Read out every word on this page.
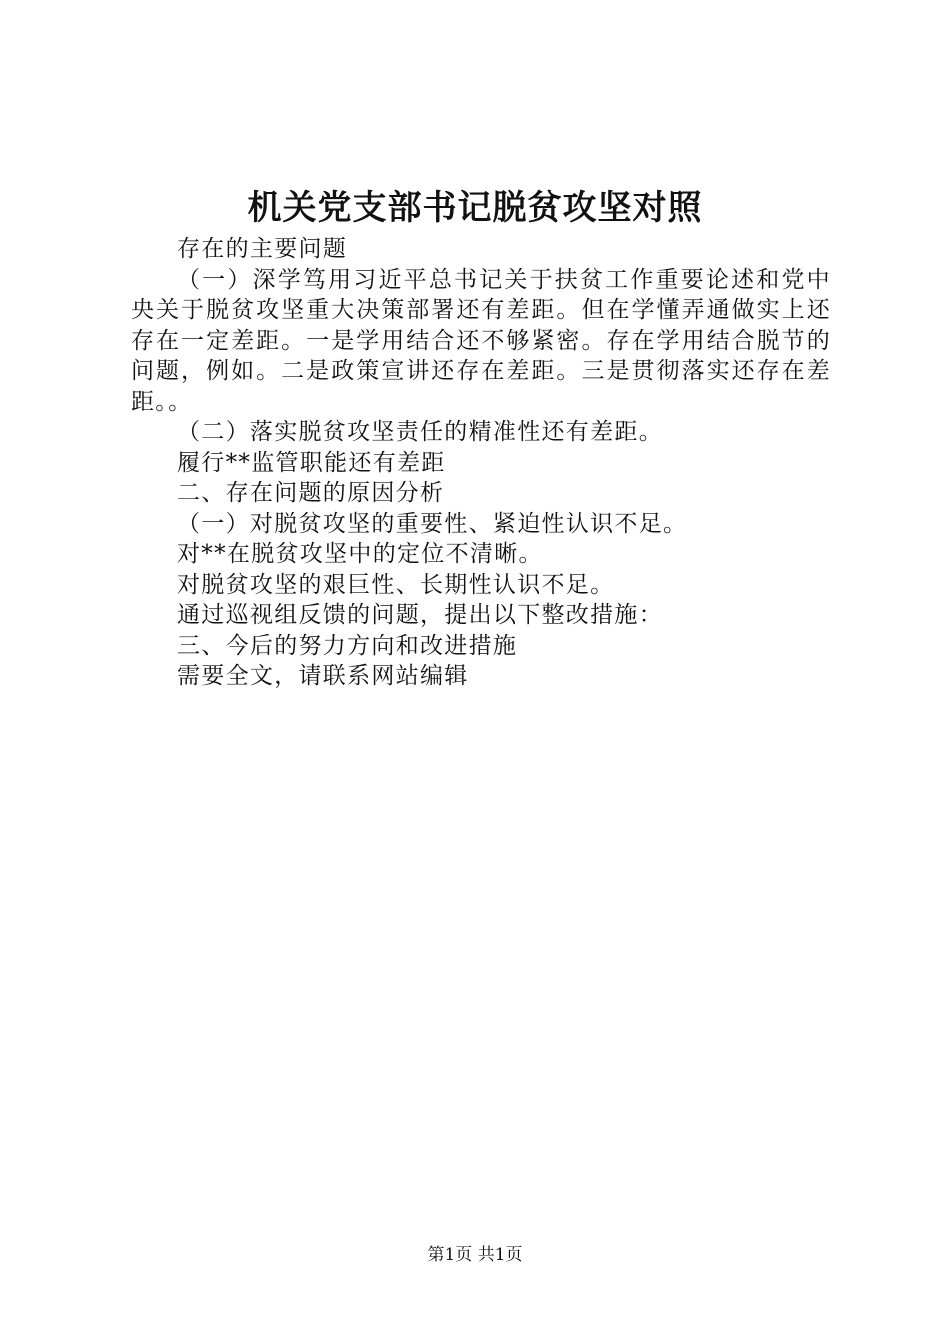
机关党支部书记脱贫攻坚对照

存在的主要问题

（一）深学笃用习近平总书记关于扶贫工作重要论述和党中央关于脱贫攻坚重大决策部署还有差距。但在学懂弄通做实上还存在一定差距。一是学用结合还不够紧密。存在学用结合脱节的问题，例如。二是政策宣讲还存在差距。三是贯彻落实还存在差距。。

（二）落实脱贫攻坚责任的精准性还有差距。

履行**监管职能还有差距

二、存在问题的原因分析

（一）对脱贫攻坚的重要性、紧迫性认识不足。

对**在脱贫攻坚中的定位不清晰。

对脱贫攻坚的艰巨性、长期性认识不足。

通过巡视组反馈的问题，提出以下整改措施：

三、今后的努力方向和改进措施

需要全文，请联系网站编辑

第1页 共1页
